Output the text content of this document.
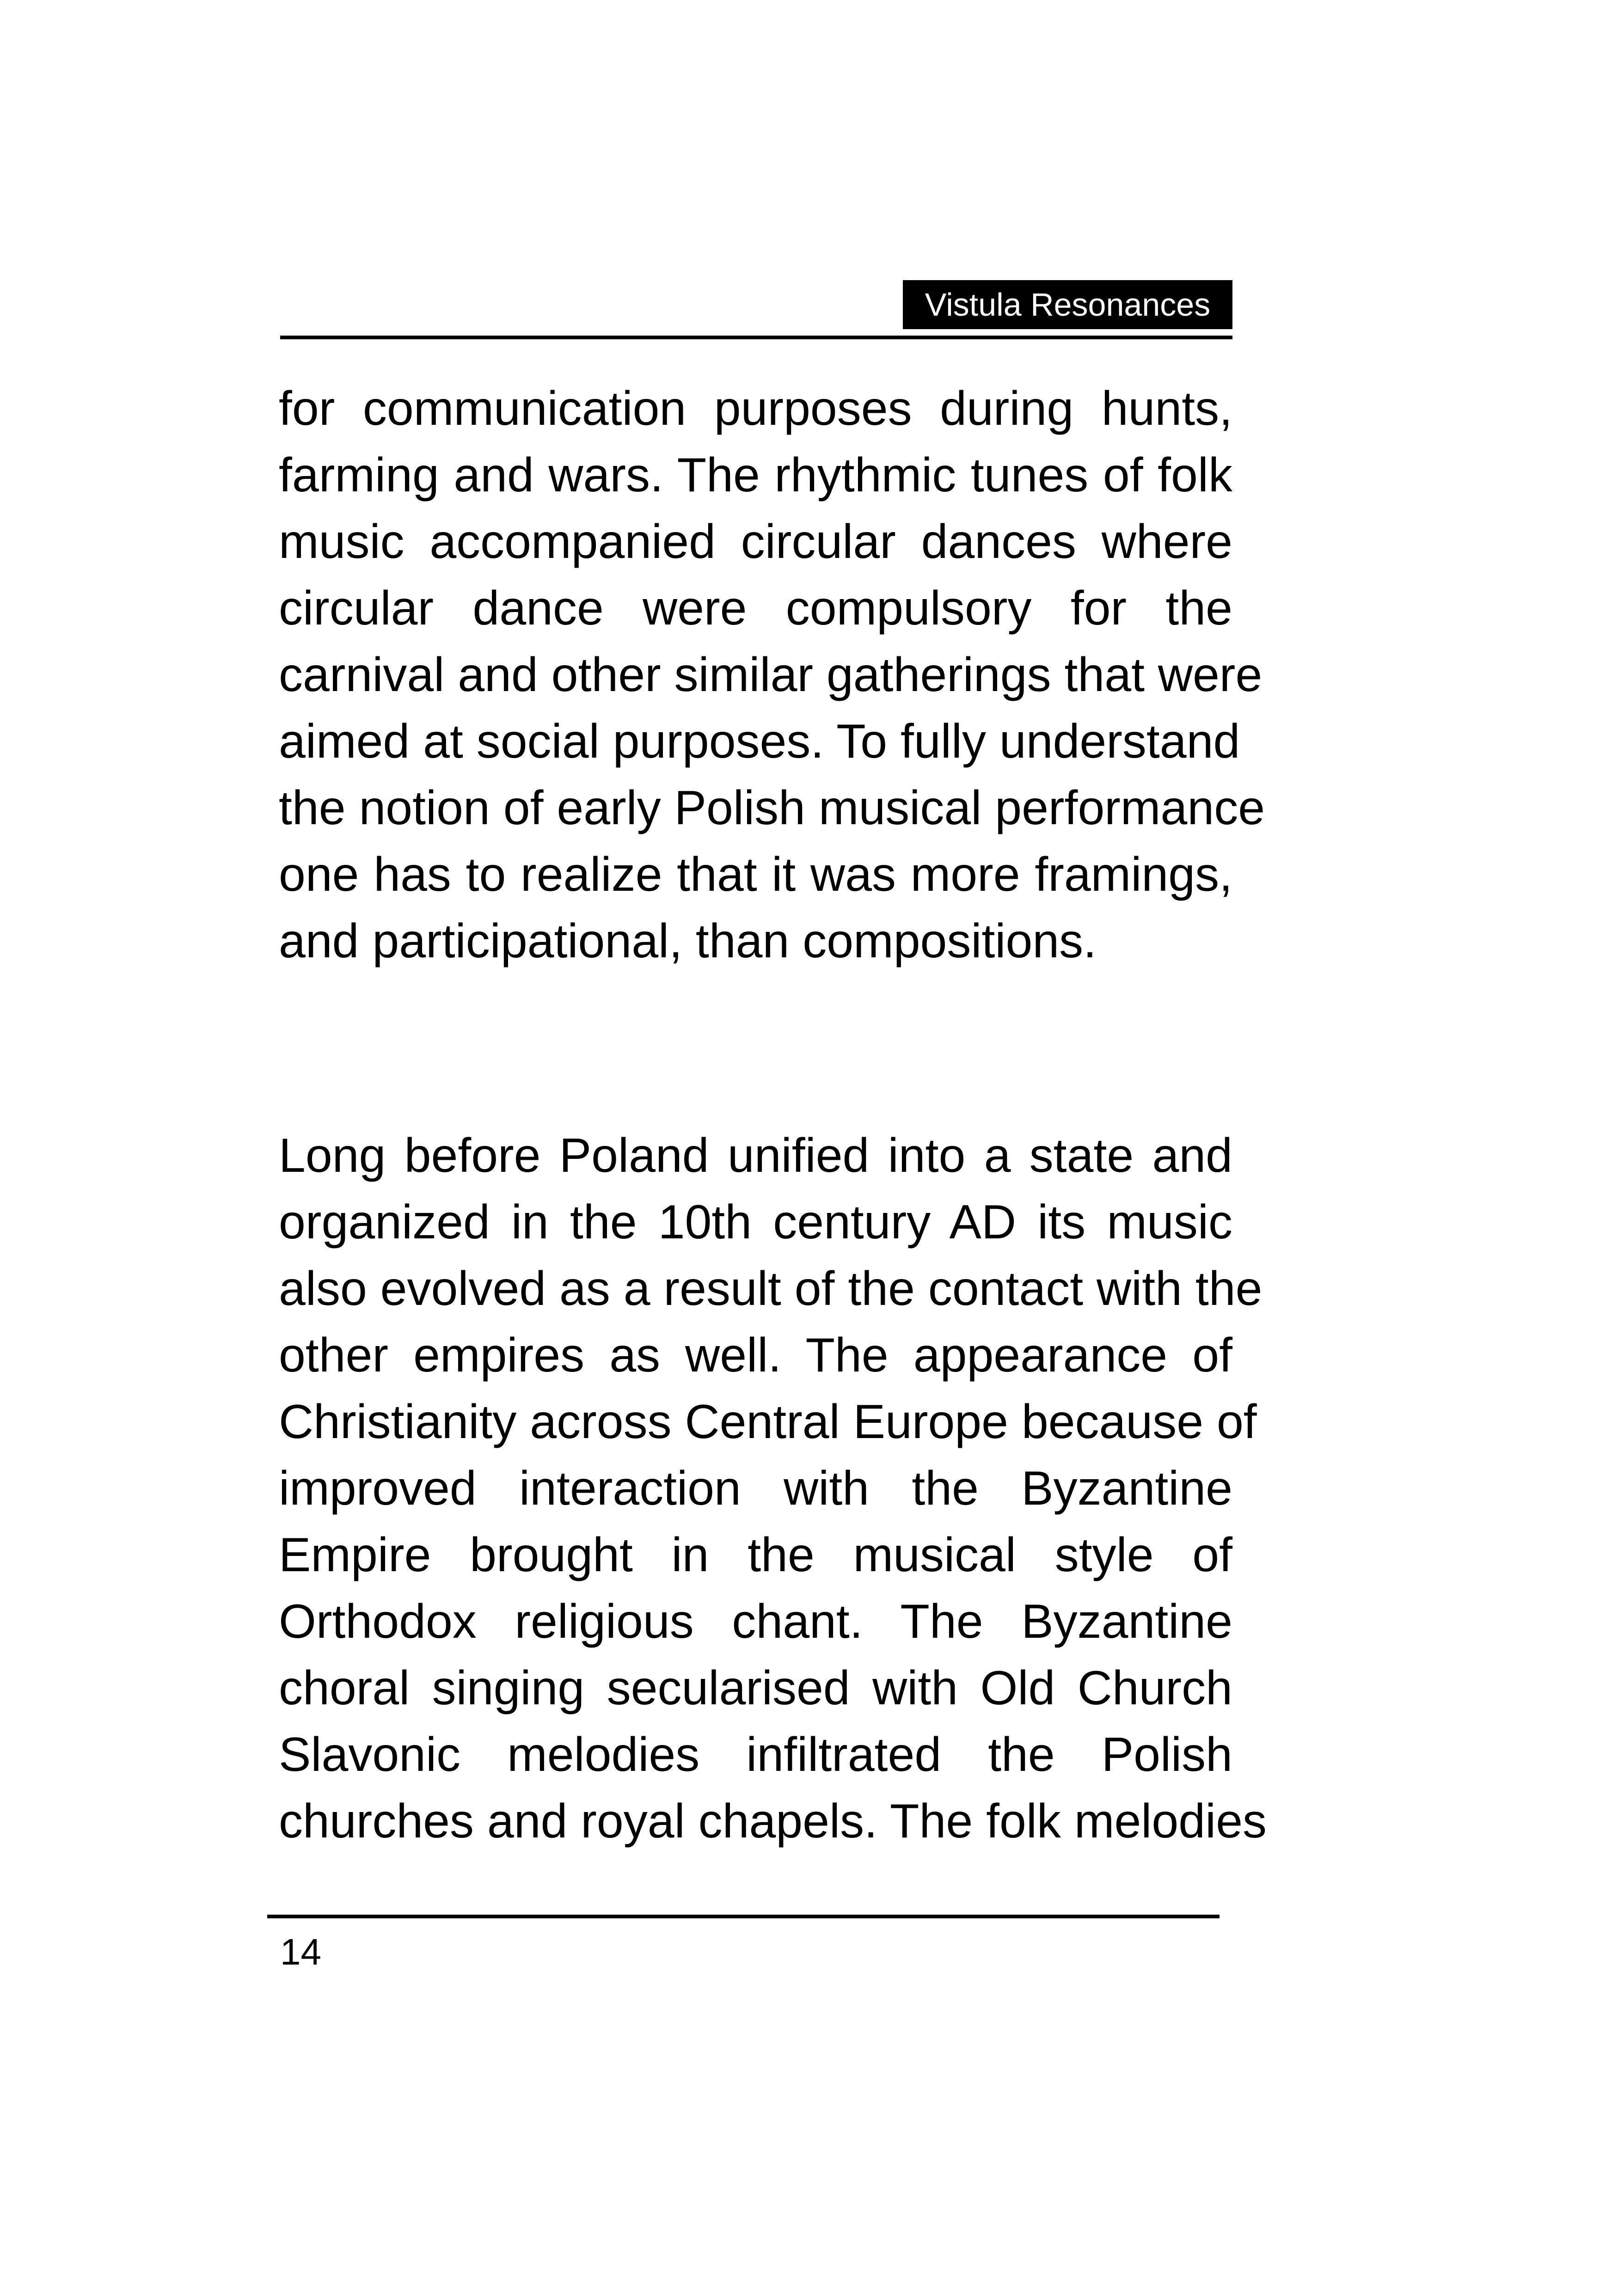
Vistula Resonances
for communication purposes during hunts,
farming and wars. The rhythmic tunes of folk
music accompanied circular dances where
circular dance were compulsory for the
carnival and other similar gatherings that were
aimed at social purposes. To fully understand
the notion of early Polish musical performance
one has to realize that it was more framings,
and participational, than compositions.
Long before Poland unified into a state and
organized in the 10th century AD its music
also evolved as a result of the contact with the
other empires as well. The appearance of
Christianity across Central Europe because of
improved interaction with the Byzantine
Empire brought in the musical style of
Orthodox religious chant. The Byzantine
choral singing secularised with Old Church
Slavonic melodies infiltrated the Polish
churches and royal chapels. The folk melodies
14
